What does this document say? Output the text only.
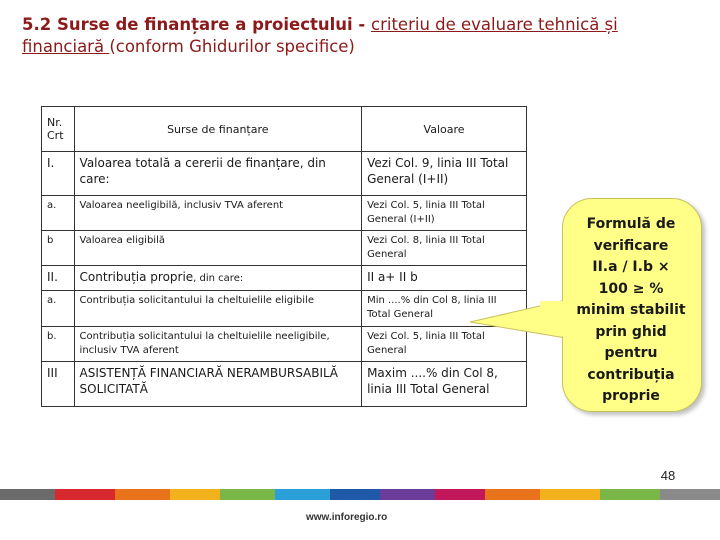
5.2 Surse de finanțare a proiectului - criteriu de evaluare tehnică și financiară (conform Ghidurilor specifice)
Nr. Crt	Surse de finanțare	Valoare
I.	Valoarea totală a cererii de finanțare, din care:	Vezi Col. 9, linia III Total General (I+II)
a.	Valoarea neeligibilă, inclusiv TVA aferent	Vezi Col. 5, linia III Total General (I+II)
b	Valoarea eligibilă	Vezi Col. 8, linia III Total General
II.	Contribuția proprie, din care:	II a+ II b
a.	Contribuția solicitantului la cheltuielile eligibile	Min ....% din Col 8, linia III Total General
b.	Contribuția solicitantului la cheltuielile neeligibile, inclusiv TVA aferent	Vezi Col. 5, linia III Total General
III	ASISTENȚĂ FINANCIARĂ NERAMBURSABILĂ SOLICITATĂ	Maxim ....% din Col 8, linia III Total General
Formulă de
verificare
II.a / I.b ×
100 ≥ %
minim stabilit
prin ghid
pentru
contribuția
proprie
48
www.inforegio.ro
